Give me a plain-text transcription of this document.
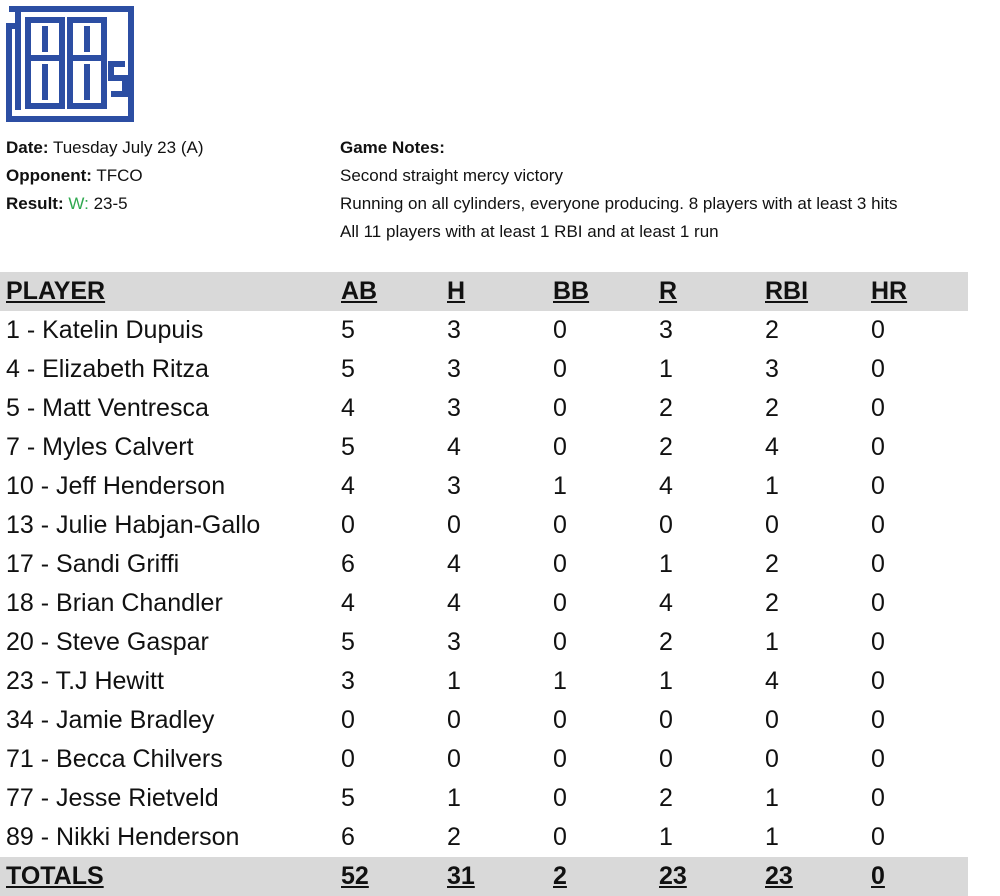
Date: Tuesday July 23 (A)
Opponent: TFCO
Result: W: 23-5
Game Notes:
Second straight mercy victory
Running on all cylinders, everyone producing. 8 players with at least 3 hits
All 11 players with at least 1 RBI and at least 1 run
PLAYER	AB	H	BB	R	RBI	HR
1 - Katelin Dupuis	5	3	0	3	2	0
4 - Elizabeth Ritza	5	3	0	1	3	0
5 - Matt Ventresca	4	3	0	2	2	0
7 - Myles Calvert	5	4	0	2	4	0
10 - Jeff Henderson	4	3	1	4	1	0
13 - Julie Habjan-Gallo	0	0	0	0	0	0
17 - Sandi Griffi	6	4	0	1	2	0
18 - Brian Chandler	4	4	0	4	2	0
20 - Steve Gaspar	5	3	0	2	1	0
23 - T.J Hewitt	3	1	1	1	4	0
34 - Jamie Bradley	0	0	0	0	0	0
71 - Becca Chilvers	0	0	0	0	0	0
77 - Jesse Rietveld	5	1	0	2	1	0
89 - Nikki Henderson	6	2	0	1	1	0
TOTALS	52	31	2	23	23	0
